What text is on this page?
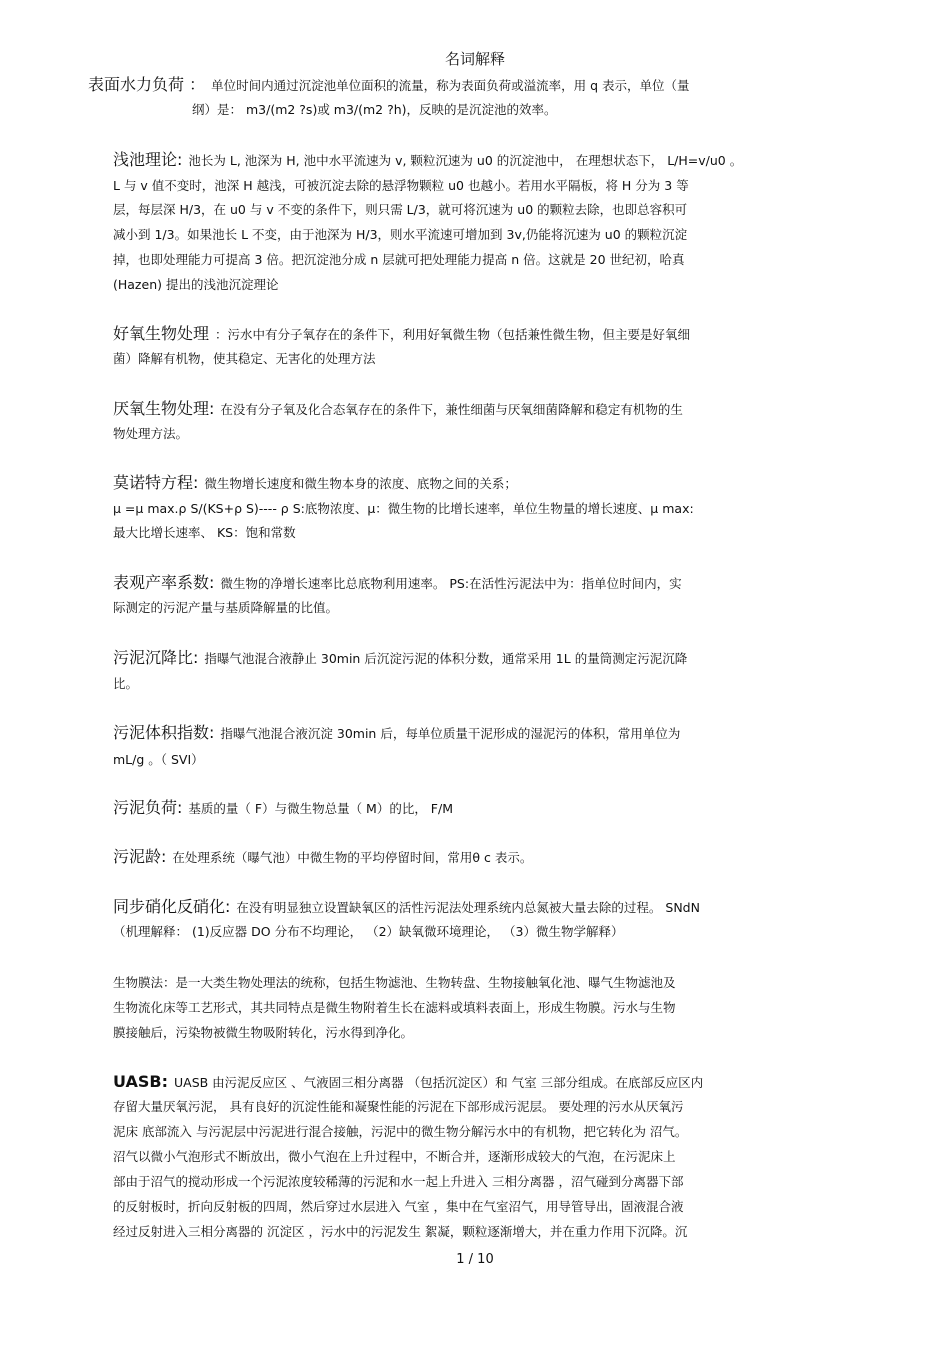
名词解释
表面水力负荷 ： 单位时间内通过沉淀池单位面积的流量，称为表面负荷或溢流率，用 q 表示，单位（量
纲）是： m3/(m2 ?s)或 m3/(m2 ?h)，反映的是沉淀池的效率。
浅池理论: 池长为 L, 池深为 H, 池中水平流速为 v, 颗粒沉速为 u0 的沉淀池中， 在理想状态下， L/H=v/u0 。
L 与 v 值不变时，池深 H 越浅，可被沉淀去除的悬浮物颗粒 u0 也越小。若用水平隔板，将 H 分为 3 等
层，每层深 H/3，在 u0 与 v 不变的条件下，则只需 L/3，就可将沉速为 u0 的颗粒去除，也即总容积可
减小到 1/3。如果池长 L 不变，由于池深为 H/3，则水平流速可增加到 3v,仍能将沉速为 u0 的颗粒沉淀
掉，也即处理能力可提高 3 倍。把沉淀池分成 n 层就可把处理能力提高 n 倍。这就是 20 世纪初，哈真
(Hazen) 提出的浅池沉淀理论
好氧生物处理 ：污水中有分子氧存在的条件下，利用好氧微生物（包括兼性微生物，但主要是好氧细
菌）降解有机物，使其稳定、无害化的处理方法
厌氧生物处理: 在没有分子氧及化合态氧存在的条件下，兼性细菌与厌氧细菌降解和稳定有机物的生
物处理方法。
莫诺特方程: 微生物增长速度和微生物本身的浓度、底物之间的关系；
μ =μ max.ρ S/(KS+ρ S)---- ρ S:底物浓度、μ：微生物的比增长速率，单位生物量的增长速度、μ max:
最大比增长速率、 KS：饱和常数
表观产率系数: 微生物的净增长速率比总底物利用速率。 PS:在活性污泥法中为：指单位时间内，实
际测定的污泥产量与基质降解量的比值。
污泥沉降比: 指曝气池混合液静止 30min 后沉淀污泥的体积分数，通常采用 1L 的量筒测定污泥沉降
比。
污泥体积指数: 指曝气池混合液沉淀 30min 后，每单位质量干泥形成的湿泥污的体积，常用单位为
mL/g 。（ SVI）
污泥负荷: 基质的量（ F）与微生物总量（ M）的比， F/M
污泥龄: 在处理系统（曝气池）中微生物的平均停留时间，常用θ c 表示。
同步硝化反硝化: 在没有明显独立设置缺氧区的活性污泥法处理系统内总氮被大量去除的过程。 SNdN
（机理解释： (1)反应器 DO 分布不均理论， （2）缺氧微环境理论， （3）微生物学解释）
生物膜法：是一大类生物处理法的统称，包括生物滤池、生物转盘、生物接触氧化池、曝气生物滤池及
生物流化床等工艺形式，其共同特点是微生物附着生长在滤料或填料表面上，形成生物膜。污水与生物
膜接触后，污染物被微生物吸附转化，污水得到净化。
UASB: UASB 由污泥反应区 、气液固三相分离器 （包括沉淀区）和 气室 三部分组成。在底部反应区内
存留大量厌氧污泥， 具有良好的沉淀性能和凝聚性能的污泥在下部形成污泥层。 要处理的污水从厌氧污
泥床 底部流入 与污泥层中污泥进行混合接触，污泥中的微生物分解污水中的有机物，把它转化为 沼气。
沼气以微小气泡形式不断放出，微小气泡在上升过程中，不断合并，逐渐形成较大的气泡，在污泥床上
部由于沼气的搅动形成一个污泥浓度较稀薄的污泥和水一起上升进入 三相分离器 ，沼气碰到分离器下部
的反射板时，折向反射板的四周，然后穿过水层进入 气室 ，集中在气室沼气，用导管导出，固液混合液
经过反射进入三相分离器的 沉淀区 ，污水中的污泥发生 絮凝，颗粒逐渐增大，并在重力作用下沉降。沉
1 / 10
